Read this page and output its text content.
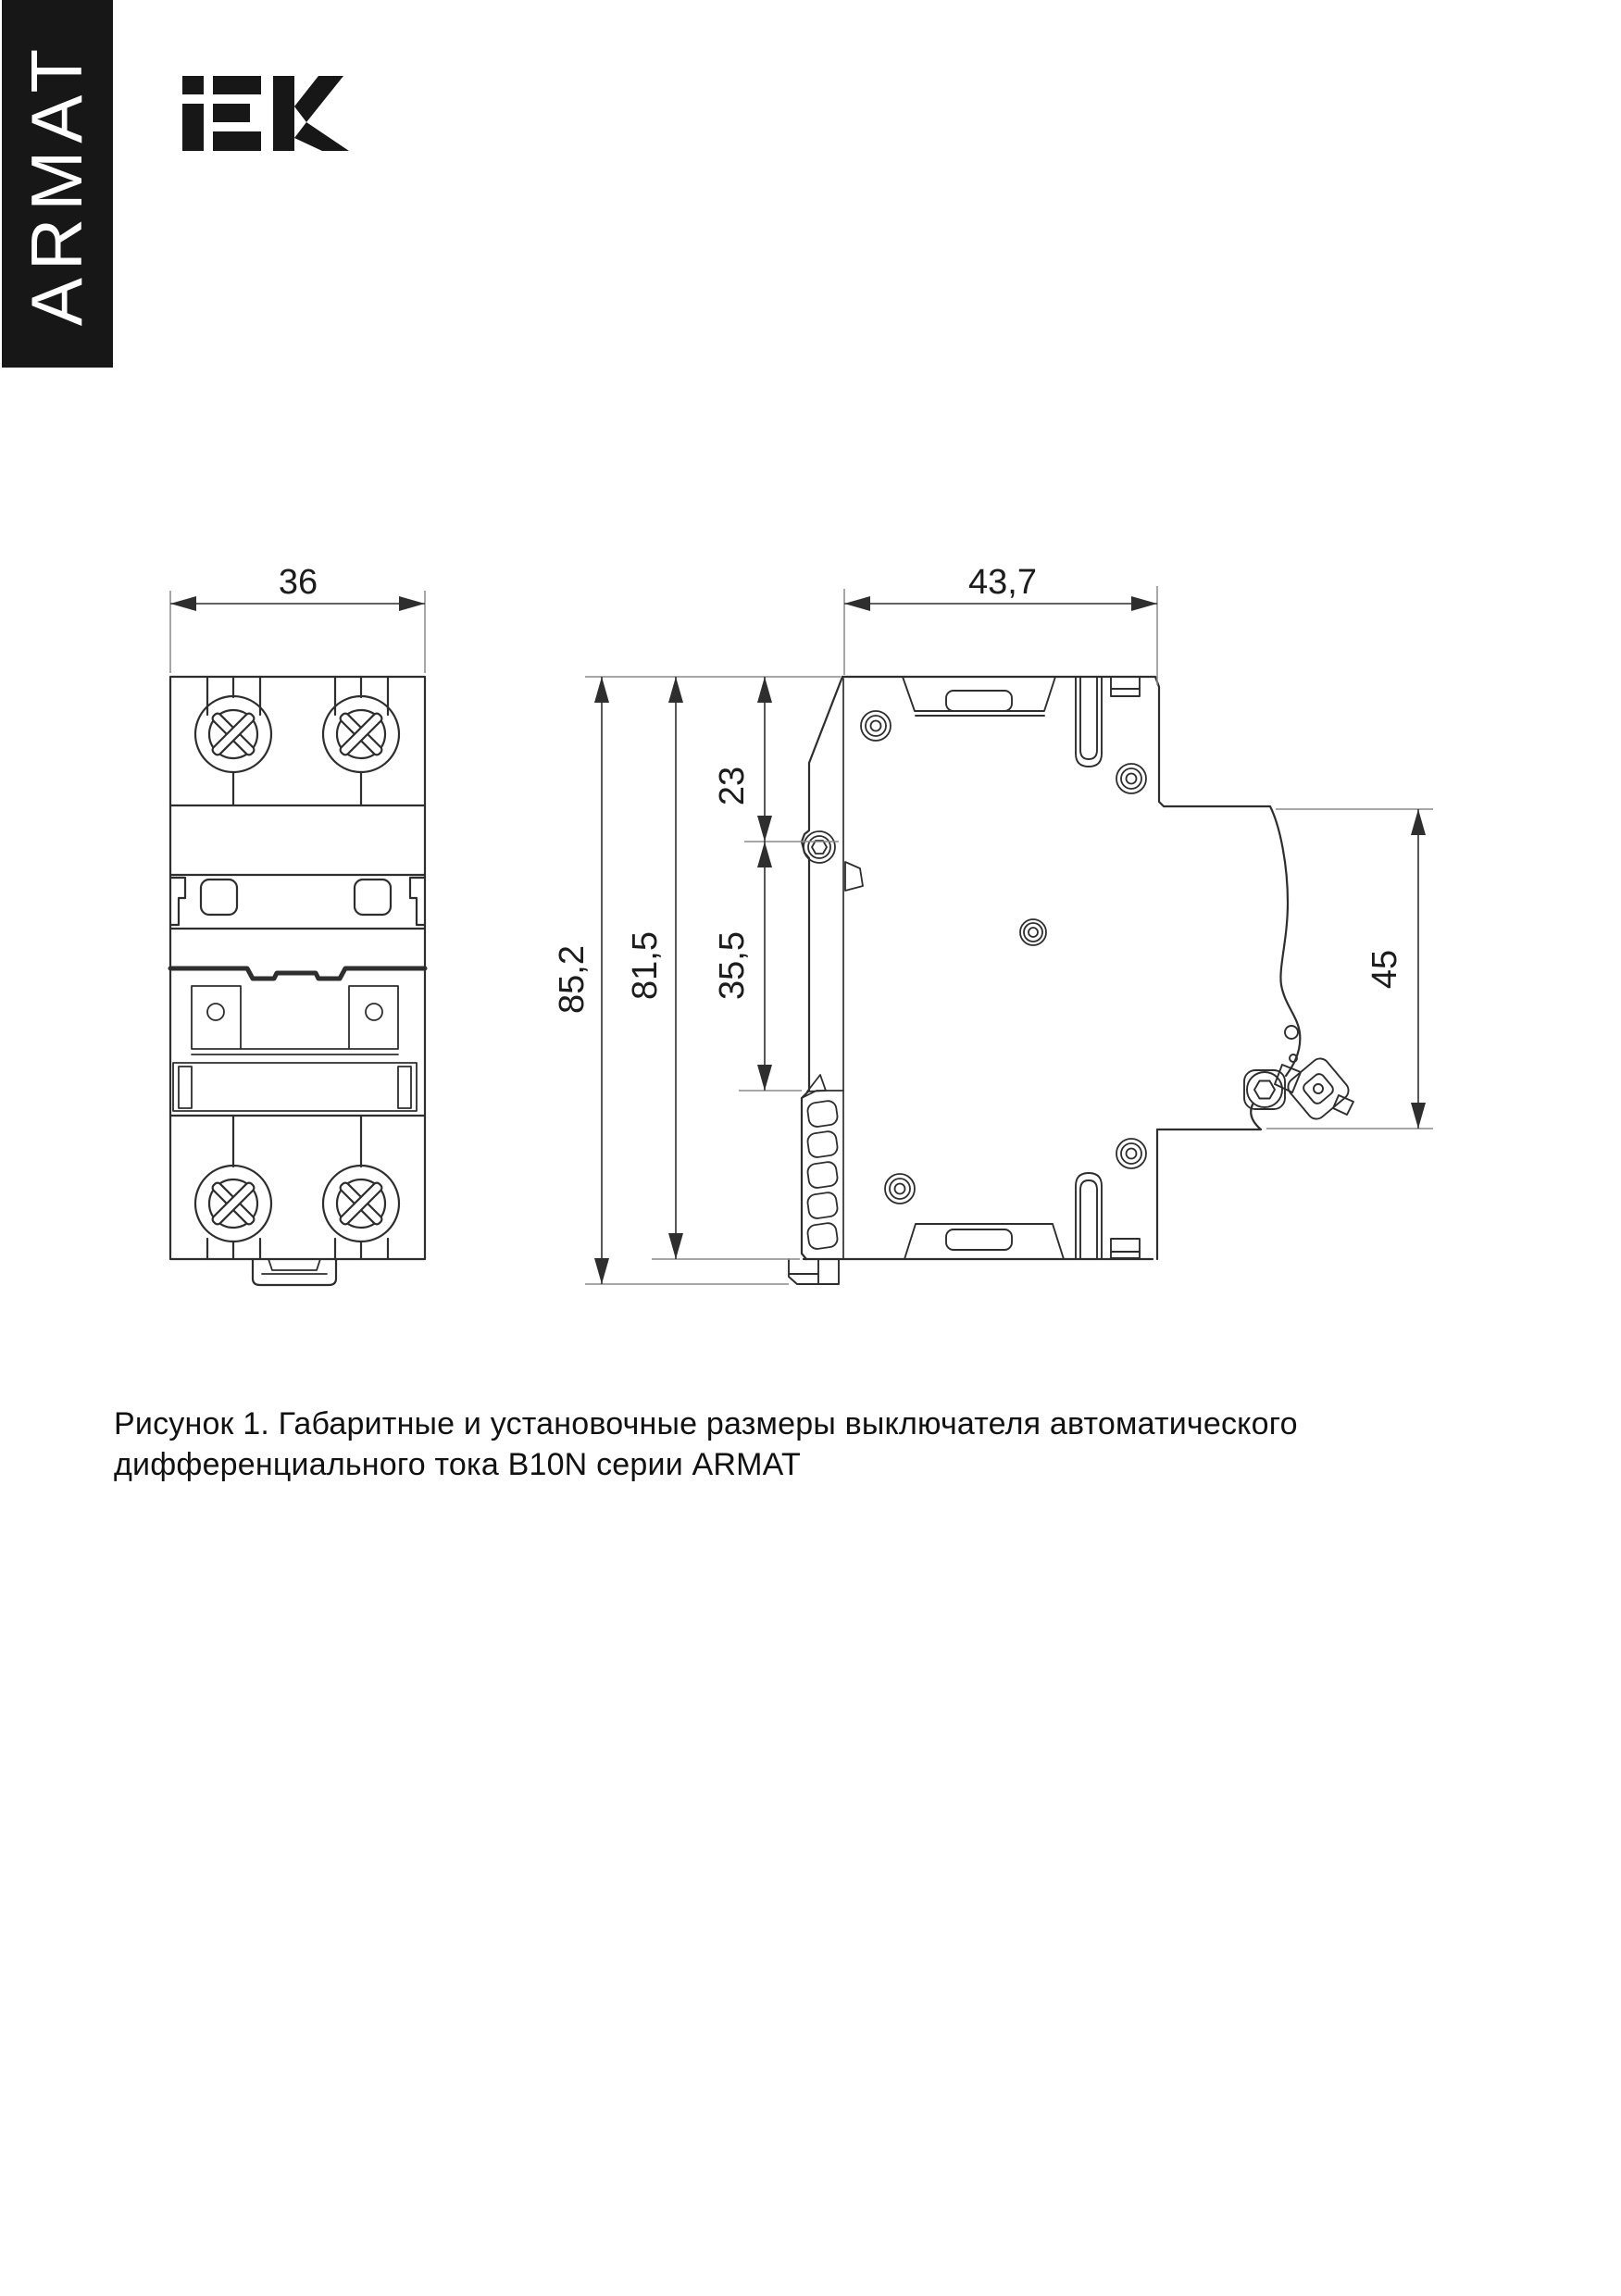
ARMAT
36	43,7
85,2 81,5
23
35,5	45
Рисунок 1. Габаритные и установочные размеры выключателя автоматического
дифференциального тока B10N серии ARMAT
